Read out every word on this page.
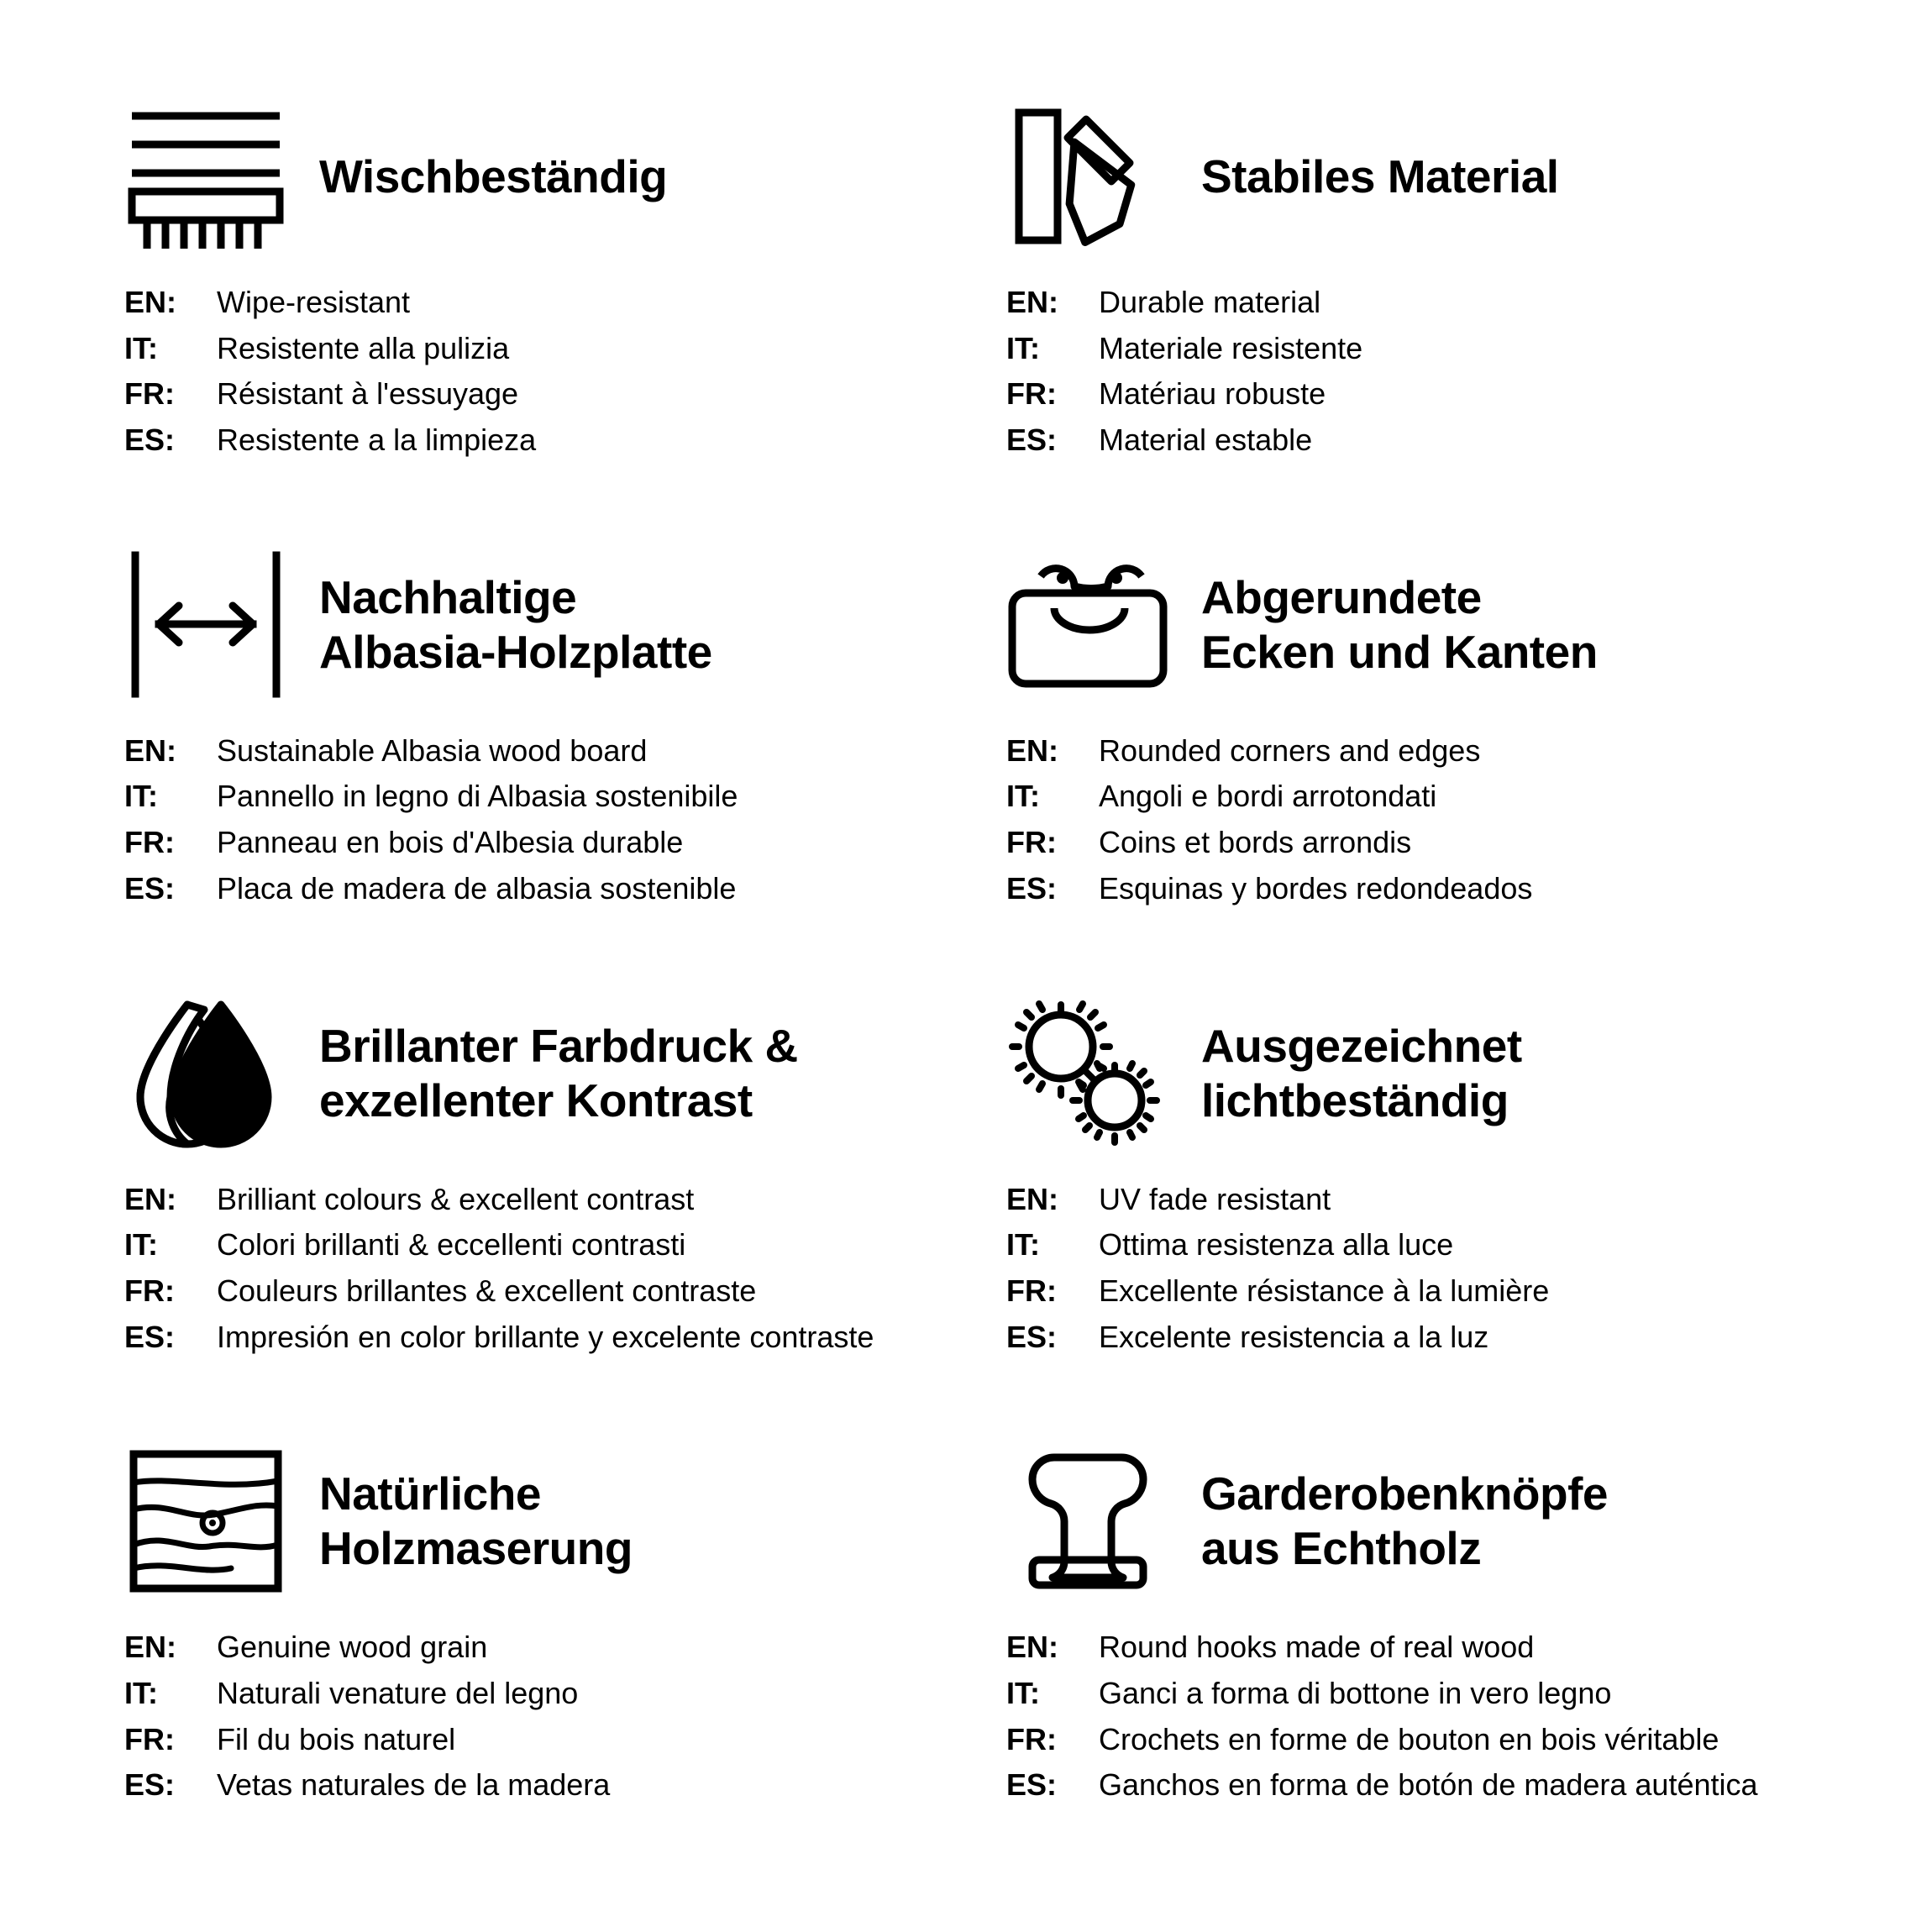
Wischbeständig
EN:	Wipe-resistant
IT:	Resistente alla pulizia
FR:	Résistant à l'essuyage
ES:	Resistente a la limpieza
Stabiles Material
EN:	Durable material
IT:	Materiale resistente
FR:	Matériau robuste
ES:	Material estable
Nachhaltige
Albasia-Holzplatte
EN:	Sustainable Albasia wood board
IT:	Pannello in legno di Albasia sostenibile
FR:	Panneau en bois d'Albesia durable
ES:	Placa de madera de albasia sostenible
Abgerundete
Ecken und Kanten
EN:	Rounded corners and edges
IT:	Angoli e bordi arrotondati
FR:	Coins et bords arrondis
ES:	Esquinas y bordes redondeados
Brillanter Farbdruck &
exzellenter Kontrast
EN:	Brilliant colours & excellent contrast
IT:	Colori brillanti & eccellenti contrasti
FR:	Couleurs brillantes & excellent contraste
ES:	Impresión en color brillante y excelente contraste
Ausgezeichnet
lichtbeständig
EN:	UV fade resistant
IT:	Ottima resistenza alla luce
FR:	Excellente résistance à la lumière
ES:	Excelente resistencia a la luz
Natürliche
Holzmaserung
EN:	Genuine wood grain
IT:	Naturali venature del legno
FR:	Fil du bois naturel
ES:	Vetas naturales de la madera
Garderobenknöpfe
aus Echtholz
EN:	Round hooks made of real wood
IT:	Ganci a forma di bottone in vero legno
FR:	Crochets en forme de bouton en bois véritable
ES:	Ganchos en forma de botón de madera auténtica
